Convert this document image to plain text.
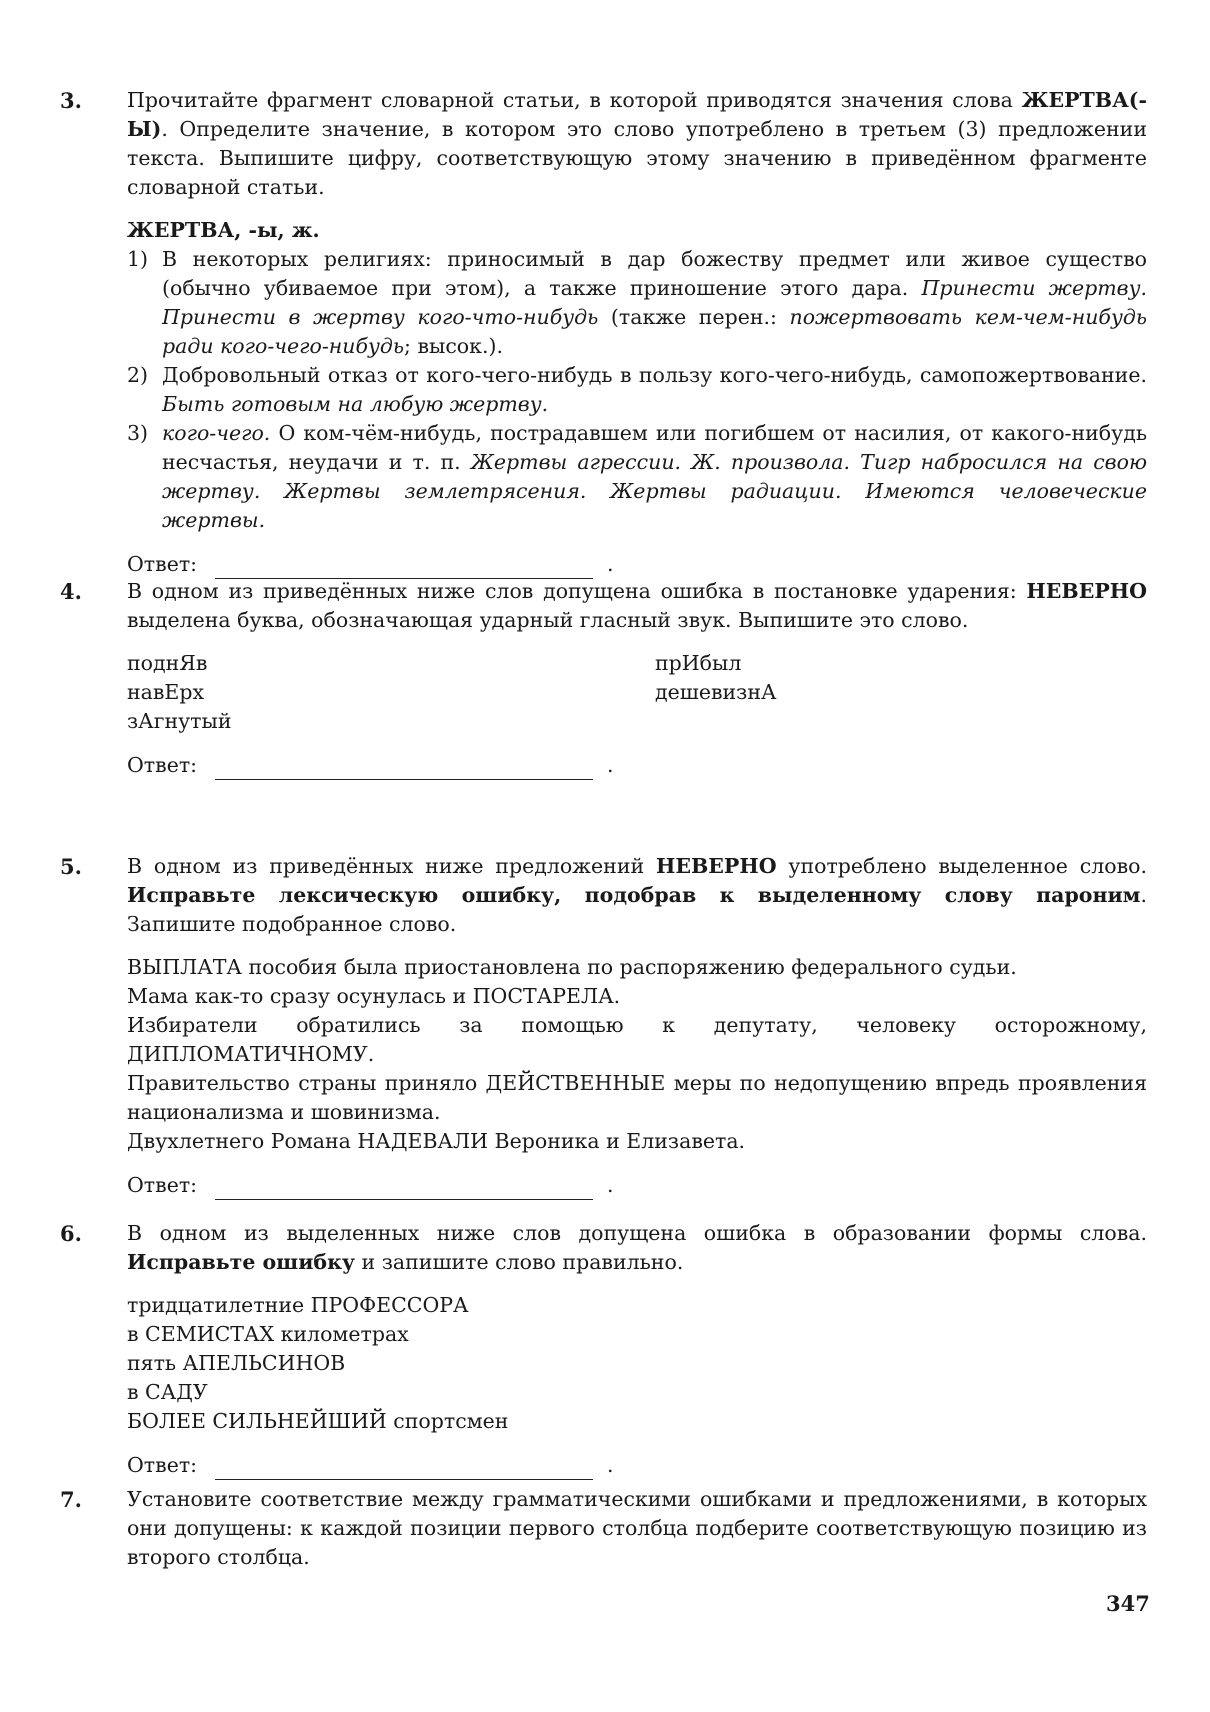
3. Прочитайте фрагмент словарной статьи, в которой приводятся значения слова ЖЕРТВА(-Ы). Определите значение, в котором это слово употреблено в третьем (3) предложении текста. Выпишите цифру, соответствующую этому значению в приведённом фрагменте словарной статьи.

ЖЕРТВА, -ы, ж.

1) В некоторых религиях: приносимый в дар божеству предмет или живое существо (обычно убиваемое при этом), а также приношение этого дара. Принести жертву. Принести в жертву кого-что-нибудь (также перен.: пожертвовать кем-чем-нибудь ради кого-чего-нибудь; высок.).
2) Добровольный отказ от кого-чего-нибудь в пользу кого-чего-нибудь, самопожертвование. Быть готовым на любую жертву.
3) кого-чего. О ком-чём-нибудь, пострадавшем или погибшем от насилия, от какого-нибудь несчастья, неудачи и т. п. Жертвы агрессии. Ж. произвола. Тигр набросился на свою жертву. Жертвы землетрясения. Жертвы радиации. Имеются человеческие жертвы.
Ответ:	.
4. В одном из приведённых ниже слов допущена ошибка в постановке ударения: НЕВЕРНО выделена буква, обозначающая ударный гласный звук. Выпишите это слово.

поднЯв
навЕрх
зАгнутый
прИбыл
дешевизнА
Ответ:	.
5. В одном из приведённых ниже предложений НЕВЕРНО употреблено выделенное слово. Исправьте лексическую ошибку, подобрав к выделенному слову пароним. Запишите подобранное слово.

ВЫПЛАТА пособия была приостановлена по распоряжению федерального судьи.

Мама как-то сразу осунулась и ПОСТАРЕЛА.

Избиратели обратились за помощью к депутату, человеку осторожному, ДИПЛОМАТИЧНОМУ.

Правительство страны приняло ДЕЙСТВЕННЫЕ меры по недопущению впредь проявления национализма и шовинизма.

Двухлетнего Романа НАДЕВАЛИ Вероника и Елизавета.

Ответ:	.
6. В одном из выделенных ниже слов допущена ошибка в образовании формы слова. Исправьте ошибку и запишите слово правильно.

тридцатилетние ПРОФЕССОРА
в СЕМИСТАХ километрах
пять АПЕЛЬСИНОВ
в САДУ
БОЛЕЕ СИЛЬНЕЙШИЙ спортсмен
Ответ:	.
7. Установите соответствие между грамматическими ошибками и предложениями, в которых они допущены: к каждой позиции первого столбца подберите соответствующую позицию из второго столбца.

347
